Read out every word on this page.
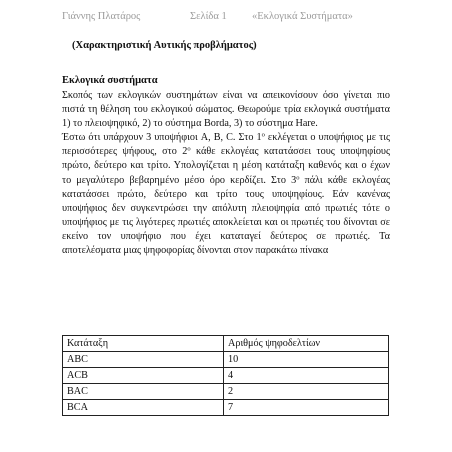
Γιάννης Πλατάρος	Σελίδα 1 «Εκλογικά Συστήματα»
(Χαρακτηριστική Αυτικής προβλήματος)
Εκλογικά συστήματα

Σκοπός των εκλογικών συστημάτων είναι να απεικονίσουν όσο γίνεται πιο πιστά τη θέληση του εκλογικού σώματος. Θεωρούμε τρία εκλογικά συστήματα 1) το πλειοψηφικό, 2) το σύστημα Borda, 3) το σύστημα Hare.

Έστω ότι υπάρχουν 3 υποψήφιοι A, B, C. Στο $1^o$ εκλέγεται ο υποψήφιος με τις περισσότερες ψήφους, στο $2^o$ κάθε εκλογέας κατατάσσει τους υποψηφίους πρώτο, δεύτερο και τρίτο. Υπολογίζεται η μέση κατάταξη καθενός και ο έχων το μεγαλύτερο βεβαρημένο μέσο όρο κερδίζει. Στο $3^o$ πάλι κάθε εκλογέας κατατάσσει πρώτο, δεύτερο και τρίτο τους υποψηφίους. Εάν κανένας υποψήφιος δεν συγκεντρώσει την απόλυτη πλειοψηφία από πρωτιές τότε ο υποψήφιος με τις λιγότερες πρωτιές αποκλείεται και οι πρωτιές του δίνονται σε εκείνο τον υποψήφιο που έχει καταταγεί δεύτερος σε πρωτιές. Τα αποτελέσματα μιας ψηφοφορίας δίνονται στον παρακάτω πίνακα

Κατάταξη	Αριθμός ψηφοδελτίων
ABC	10
ACB	4
BAC	2
BCA	7
